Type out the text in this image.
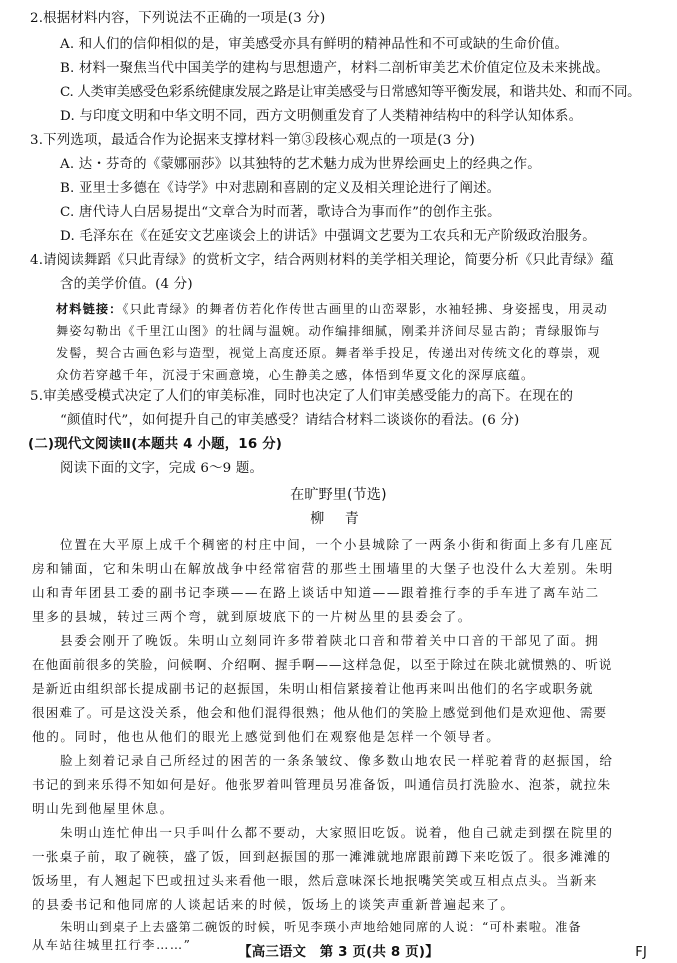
2.根据材料内容，下列说法不正确的一项是(3 分)
A. 和人们的信仰相似的是，审美感受亦具有鲜明的精神品性和不可或缺的生命价值。
B. 材料一聚焦当代中国美学的建构与思想遗产，材料二剖析审美艺术价值定位及未来挑战。
C. 人类审美感受色彩系统健康发展之路是让审美感受与日常感知等平衡发展，和谐共处、和而不同。
D. 与印度文明和中华文明不同，西方文明侧重发育了人类精神结构中的科学认知体系。
3.下列选项，最适合作为论据来支撑材料一第③段核心观点的一项是(3 分)
A. 达・芬奇的《蒙娜丽莎》以其独特的艺术魅力成为世界绘画史上的经典之作。
B. 亚里士多德在《诗学》中对悲剧和喜剧的定义及相关理论进行了阐述。
C. 唐代诗人白居易提出“文章合为时而著，歌诗合为事而作”的创作主张。
D. 毛泽东在《在延安文艺座谈会上的讲话》中强调文艺要为工农兵和无产阶级政治服务。
4.请阅读舞蹈《只此青绿》的赏析文字，结合两则材料的美学相关理论，简要分析《只此青绿》蕴
含的美学价值。(4 分)
材料链接：《只此青绿》的舞者仿若化作传世古画里的山峦翠影，水袖轻拂、身姿摇曳，用灵动
舞姿勾勒出《千里江山图》的壮阔与温婉。动作编排细腻，刚柔并济间尽显古韵；青绿服饰与
发髻，契合古画色彩与造型，视觉上高度还原。舞者举手投足，传递出对传统文化的尊崇，观
众仿若穿越千年，沉浸于宋画意境，心生静美之感，体悟到华夏文化的深厚底蕴。
5.审美感受模式决定了人们的审美标准，同时也决定了人们审美感受能力的高下。在现在的
“颜值时代”，如何提升自己的审美感受？请结合材料二谈谈你的看法。(6 分)
(二)现代文阅读Ⅱ(本题共 4 小题，16 分)
阅读下面的文字，完成 6～9 题。
在旷野里(节选)
柳 青
位置在大平原上成千个稠密的村庄中间，一个小县城除了一两条小街和街面上多有几座瓦
房和铺面，它和朱明山在解放战争中经常宿营的那些土围墙里的大堡子也没什么大差别。朱明
山和青年团县工委的副书记李瑛——在路上谈话中知道——跟着推行李的手车进了离车站二
里多的县城，转过三两个弯，就到原坡底下的一片树丛里的县委会了。
县委会刚开了晚饭。朱明山立刻同许多带着陕北口音和带着关中口音的干部见了面。拥
在他面前很多的笑脸，问候啊、介绍啊、握手啊——这样急促，以至于除过在陕北就惯熟的、听说
是新近由组织部长提成副书记的赵振国，朱明山相信紧接着让他再来叫出他们的名字或职务就
很困难了。可是这没关系，他会和他们混得很熟；他从他们的笑脸上感觉到他们是欢迎他、需要
他的。同时，他也从他们的眼光上感觉到他们在观察他是怎样一个领导者。
脸上刻着记录自己所经过的困苦的一条条皱纹、像多数山地农民一样驼着背的赵振国，给
书记的到来乐得不知如何是好。他张罗着叫管理员另准备饭，叫通信员打洗脸水、泡茶，就拉朱
明山先到他屋里休息。
朱明山连忙伸出一只手叫什么都不要动，大家照旧吃饭。说着，他自己就走到摆在院里的
一张桌子前，取了碗筷，盛了饭，回到赵振国的那一滩滩就地席跟前蹲下来吃饭了。很多滩滩的
饭场里，有人翘起下巴或扭过头来看他一眼，然后意味深长地抿嘴笑笑或互相点点头。当新来
的县委书记和他同席的人谈起话来的时候，饭场上的谈笑声重新普遍起来了。
朱明山到桌子上去盛第二碗饭的时候，听见李瑛小声地给她同席的人说：“可朴素啦。准备
从车站往城里扛行李……”	【高三语文　第 3 页(共 8 页)】	FJ
